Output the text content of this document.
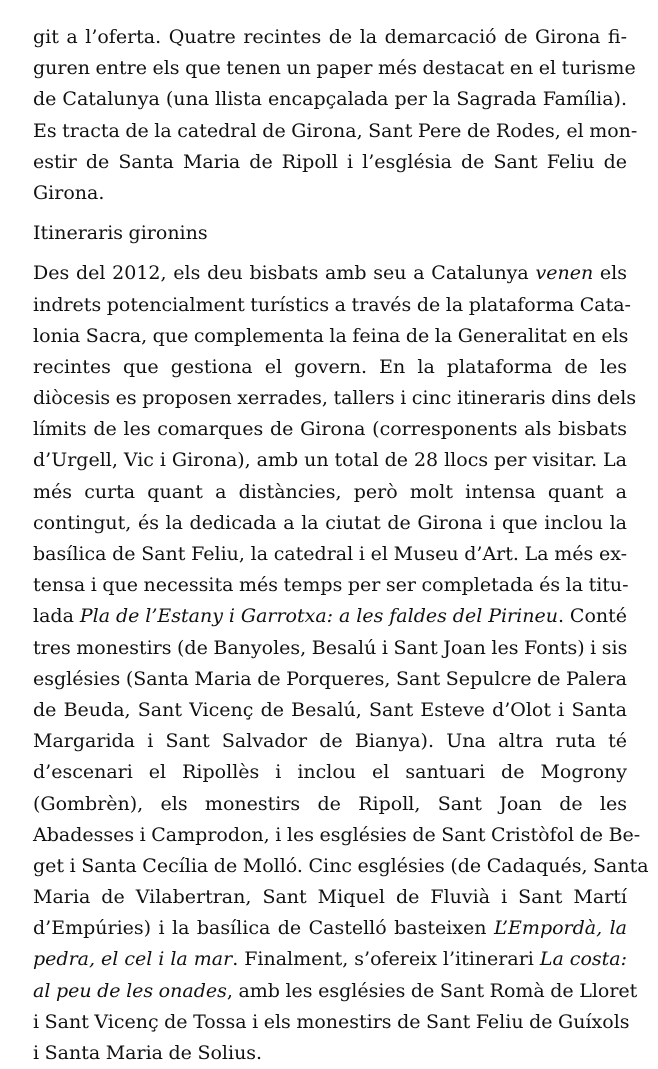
git a l’oferta. Quatre recintes de la demarcació de Girona fi-
guren entre els que tenen un paper més destacat en el turisme
de Catalunya (una llista encapçalada per la Sagrada Família).
Es tracta de la catedral de Girona, Sant Pere de Rodes, el mon-
estir de Santa Maria de Ripoll i l’església de Sant Feliu de
Girona.
Itineraris gironins
Des del 2012, els deu bisbats amb seu a Catalunya venen els
indrets potencialment turístics a través de la plataforma Cata-
lonia Sacra, que complementa la feina de la Generalitat en els
recintes que gestiona el govern. En la plataforma de les
diòcesis es proposen xerrades, tallers i cinc itineraris dins dels
límits de les comarques de Girona (corresponents als bisbats
d’Urgell, Vic i Girona), amb un total de 28 llocs per visitar. La
més curta quant a distàncies, però molt intensa quant a
contingut, és la dedicada a la ciutat de Girona i que inclou la
basílica de Sant Feliu, la catedral i el Museu d’Art. La més ex-
tensa i que necessita més temps per ser completada és la titu-
lada Pla de l’Estany i Garrotxa: a les faldes del Pirineu. Conté
tres monestirs (de Banyoles, Besalú i Sant Joan les Fonts) i sis
esglésies (Santa Maria de Porqueres, Sant Sepulcre de Palera
de Beuda, Sant Vicenç de Besalú, Sant Esteve d’Olot i Santa
Margarida i Sant Salvador de Bianya). Una altra ruta té
d’escenari el Ripollès i inclou el santuari de Mogrony
(Gombrèn), els monestirs de Ripoll, Sant Joan de les
Abadesses i Camprodon, i les esglésies de Sant Cristòfol de Be-
get i Santa Cecília de Molló. Cinc esglésies (de Cadaqués, Santa
Maria de Vilabertran, Sant Miquel de Fluvià i Sant Martí
d’Empúries) i la basílica de Castelló basteixen L’Empordà, la
pedra, el cel i la mar. Finalment, s’ofereix l’itinerari La costa:
al peu de les onades, amb les esglésies de Sant Romà de Lloret
i Sant Vicenç de Tossa i els monestirs de Sant Feliu de Guíxols
i Santa Maria de Solius.
